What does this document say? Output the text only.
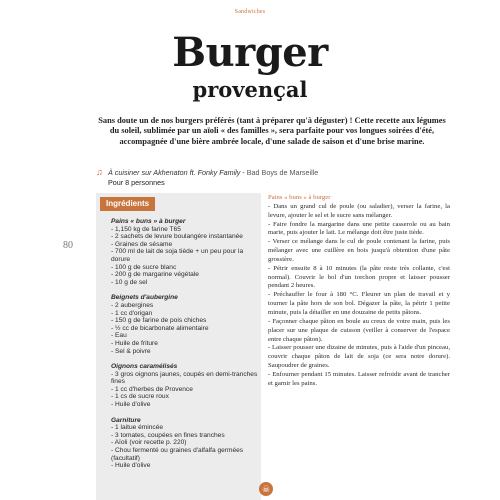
Sandwiches
Burger
provençal
Sans doute un de nos burgers préférés (tant à préparer qu'à déguster) ! Cette recette aux légumes du soleil, sublimée par un aïoli « des familles », sera parfaite pour vos longues soirées d'été, accompagnée d'une bière ambrée locale, d'une salade de saison et d'une brise marine.
♫ À cuisiner sur Akhenaton ft. Fonky Family - Bad Boys de Marseille
Pour 8 personnes
80
Ingrédients
Pains « buns » à burger
- 1,150 kg de farine T65
- 2 sachets de levure boulangère instantanée
- Graines de sésame
- 700 ml de lait de soja tiède + un peu pour la dorure
- 100 g de sucre blanc
- 200 g de margarine végétale
- 10 g de sel
Beignets d'aubergine
- 2 aubergines
- 1 cc d'origan
- 150 g de farine de pois chiches
- ½ cc de bicarbonate alimentaire
- Eau
- Huile de friture
- Sel & poivre
Oignons caramélisés
- 3 gros oignons jaunes, coupés en demi-tranches fines
- 1 cc d'herbes de Provence
- 1 cs de sucre roux
- Huile d'olive
Garniture
- 1 laitue émincée
- 3 tomates, coupées en fines tranches
- Aïoli (voir recette p. 220)
- Chou fermenté ou graines d'alfalfa germées (facultatif)
- Huile d'olive

Pains « buns » à burger

- Dans un grand cul de poule (ou saladier), verser la farine, la levure, ajouter le sel et le sucre sans mélanger.

- Faire fondre la margarine dans une petite casserole ou au bain marie, puis ajouter le lait. Le mélange doit être juste tiède.

- Verser ce mélange dans le cul de poule contenant la farine, puis mélanger avec une cuillère en bois jusqu'à obtention d'une pâte grossière.

- Pétrir ensuite 8 à 10 minutes (la pâte reste très collante, c'est normal). Couvrir le bol d'un torchon propre et laisser pousser pendant 2 heures.

- Préchauffer le four à 180 °C. Fleurer un plan de travail et y tourner la pâte hors de son bol. Dégazer la pâte, la pétrir 1 petite minute, puis la détailler en une douzaine de petits pâtons.

- Façonner chaque pâton en boule au creux de votre main, puis les placer sur une plaque de cuisson (veiller à conserver de l'espace entre chaque pâton).

- Laisser pousser une dizaine de minutes, puis à l'aide d'un pinceau, couvrir chaque pâton de lait de soja (ce sera notre dorure). Saupoudrer de graines.

- Enfourner pendant 15 minutes. Laisser refroidir avant de trancher et garnir les pains.

☠
